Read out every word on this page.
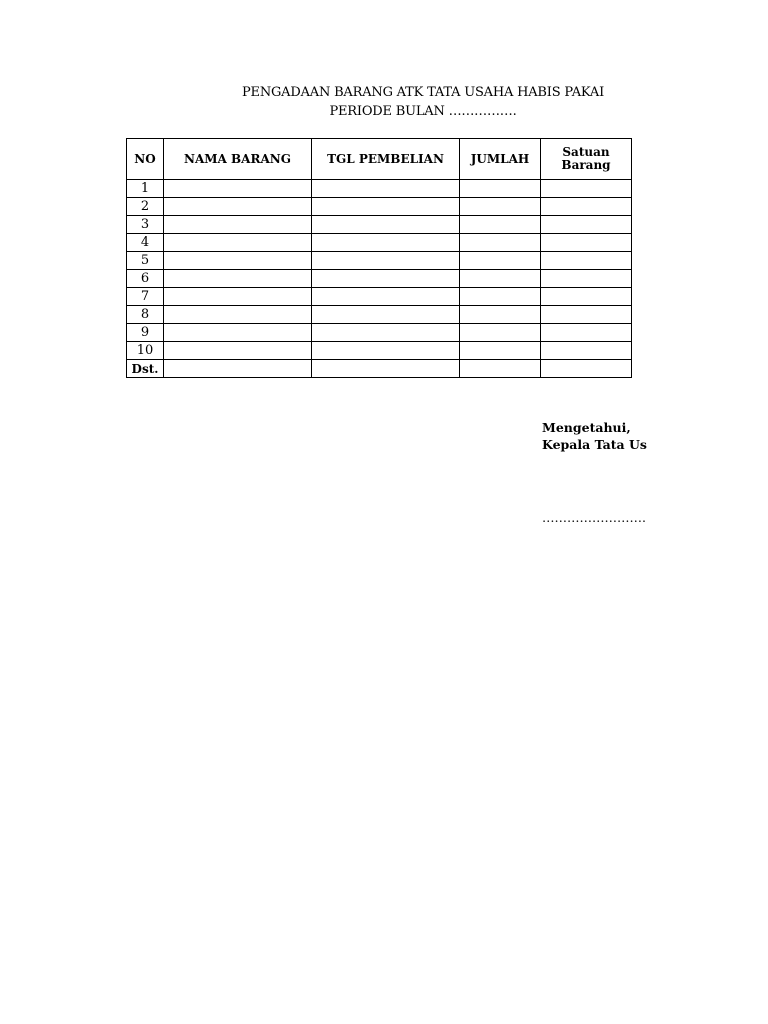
PENGADAAN BARANG ATK TATA USAHA HABIS PAKAI
PERIODE BULAN …………….
NO	NAMA BARANG	TGL PEMBELIAN	JUMLAH	Satuan Barang
1				
2				
3				
4				
5				
6				
7				
8				
9				
10				
Dst.				
Mengetahui,
Kepala Tata Us
…………………….
